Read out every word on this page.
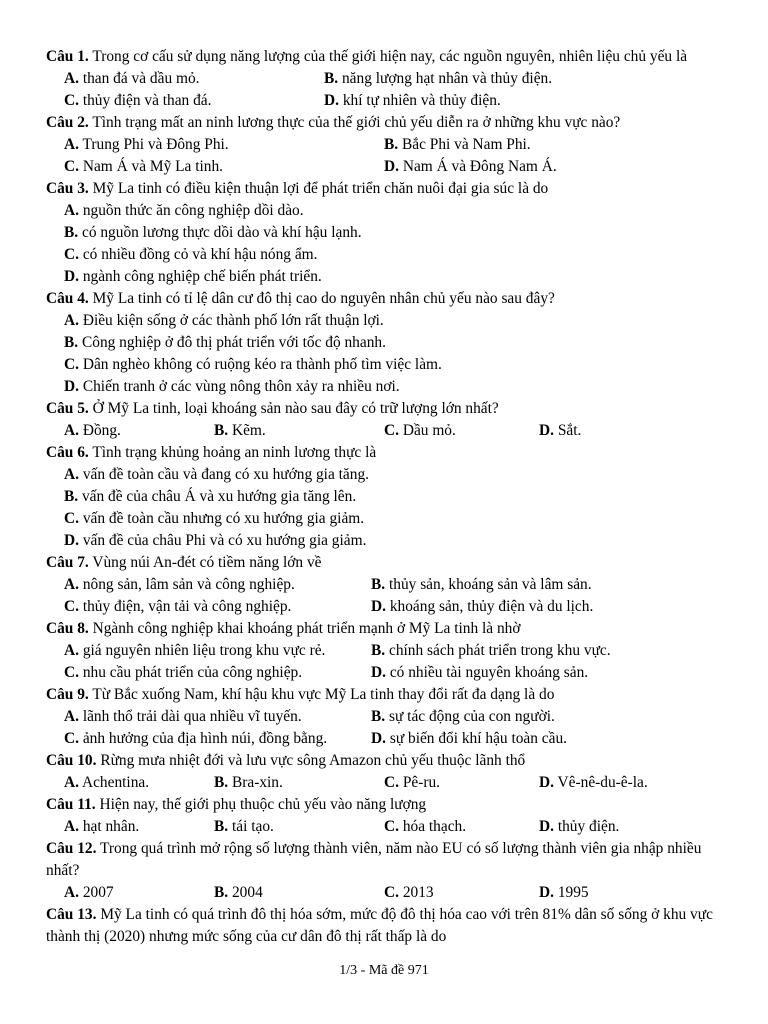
Câu 1. Trong cơ cấu sử dụng năng lượng của thế giới hiện nay, các nguồn nguyên, nhiên liệu chủ yếu là

A. than đá và dầu mỏ.	B. năng lượng hạt nhân và thủy điện.
C. thủy điện và than đá.	D. khí tự nhiên và thủy điện.

Câu 2. Tình trạng mất an ninh lương thực của thế giới chủ yếu diễn ra ở những khu vực nào?

A. Trung Phi và Đông Phi.	B. Bắc Phi và Nam Phi.
C. Nam Á và Mỹ La tinh.	D. Nam Á và Đông Nam Á.

Câu 3. Mỹ La tinh có điều kiện thuận lợi để phát triển chăn nuôi đại gia súc là do

A. nguồn thức ăn công nghiệp dồi dào.
B. có nguồn lương thực dồi dào và khí hậu lạnh.
C. có nhiều đồng cỏ và khí hậu nóng ẩm.
D. ngành công nghiệp chế biến phát triển.

Câu 4. Mỹ La tinh có tỉ lệ dân cư đô thị cao do nguyên nhân chủ yếu nào sau đây?

A. Điều kiện sống ở các thành phố lớn rất thuận lợi.
B. Công nghiệp ở đô thị phát triển với tốc độ nhanh.
C. Dân nghèo không có ruộng kéo ra thành phố tìm việc làm.
D. Chiến tranh ở các vùng nông thôn xảy ra nhiều nơi.

Câu 5. Ở Mỹ La tinh, loại khoáng sản nào sau đây có trữ lượng lớn nhất?

A. Đồng.	B. Kẽm.	C. Dầu mỏ.	D. Sắt.

Câu 6. Tình trạng khủng hoảng an ninh lương thực là

A. vấn đề toàn cầu và đang có xu hướng gia tăng.
B. vấn đề của châu Á và xu hướng gia tăng lên.
C. vấn đề toàn cầu nhưng có xu hướng gia giảm.
D. vấn đề của châu Phi và có xu hướng gia giảm.

Câu 7. Vùng núi An-đét có tiềm năng lớn về

A. nông sản, lâm sản và công nghiệp.	B. thủy sản, khoáng sản và lâm sản.
C. thủy điện, vận tải và công nghiệp.	D. khoáng sản, thủy điện và du lịch.

Câu 8. Ngành công nghiệp khai khoáng phát triển mạnh ở Mỹ La tinh là nhờ

A. giá nguyên nhiên liệu trong khu vực rẻ.	B. chính sách phát triển trong khu vực.
C. nhu cầu phát triển của công nghiệp.	D. có nhiều tài nguyên khoáng sản.

Câu 9. Từ Bắc xuống Nam, khí hậu khu vực Mỹ La tinh thay đổi rất đa dạng là do

A. lãnh thổ trải dài qua nhiều vĩ tuyến.	B. sự tác động của con người.
C. ảnh hưởng của địa hình núi, đồng bằng.	D. sự biến đổi khí hậu toàn cầu.

Câu 10. Rừng mưa nhiệt đới và lưu vực sông Amazon chủ yếu thuộc lãnh thổ

A. Achentina.	B. Bra-xin.	C. Pê-ru.	D. Vê-nê-du-ê-la.

Câu 11. Hiện nay, thế giới phụ thuộc chủ yếu vào năng lượng

A. hạt nhân.	B. tái tạo.	C. hóa thạch.	D. thủy điện.

Câu 12. Trong quá trình mở rộng số lượng thành viên, năm nào EU có số lượng thành viên gia nhập nhiều nhất?

A. 2007	B. 2004	C. 2013	D. 1995

Câu 13. Mỹ La tinh có quá trình đô thị hóa sớm, mức độ đô thị hóa cao với trên 81% dân số sống ở khu vực thành thị (2020) nhưng mức sống của cư dân đô thị rất thấp là do

1/3 - Mã đề 971
